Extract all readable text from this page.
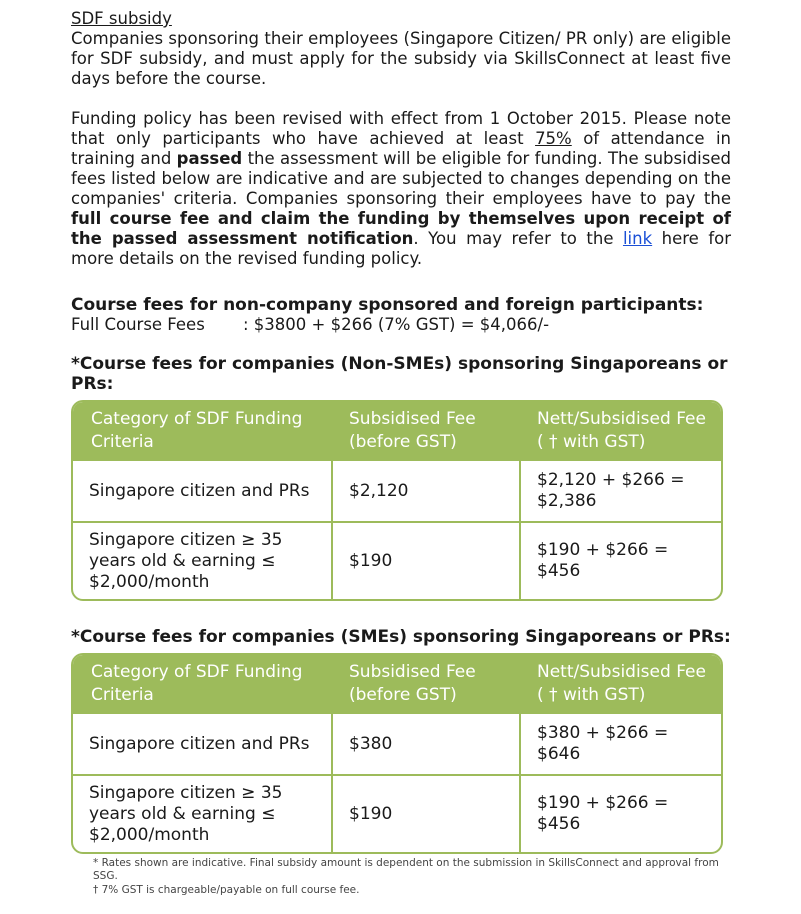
SDF subsidy

Companies sponsoring their employees (Singapore Citizen/ PR only) are eligible for SDF subsidy, and must apply for the subsidy via SkillsConnect at least five days before the course.

Funding policy has been revised with effect from 1 October 2015. Please note that only participants who have achieved at least 75% of attendance in training and passed the assessment will be eligible for funding. The subsidised fees listed below are indicative and are subjected to changes depending on the companies' criteria. Companies sponsoring their employees have to pay the full course fee and claim the funding by themselves upon receipt of the passed assessment notification. You may refer to the link here for more details on the revised funding policy.

Course fees for non-company sponsored and foreign participants:

Full Course Fees : $3800 + $266 (7% GST) = $4,066/-

*Course fees for companies (Non-SMEs) sponsoring Singaporeans or PRs:

Category of SDF Funding Criteria	Subsidised Fee (before GST)	Nett/Subsidised Fee ( † with GST)
Singapore citizen and PRs	$2,120	$2,120 + $266 = $2,386
Singapore citizen ≥ 35 years old & earning ≤ $2,000/month	$190	$190 + $266 = $456

*Course fees for companies (SMEs) sponsoring Singaporeans or PRs:

Category of SDF Funding Criteria	Subsidised Fee (before GST)	Nett/Subsidised Fee ( † with GST)
Singapore citizen and PRs	$380	$380 + $266 = $646
Singapore citizen ≥ 35 years old & earning ≤ $2,000/month	$190	$190 + $266 = $456

* Rates shown are indicative. Final subsidy amount is dependent on the submission in SkillsConnect and approval from SSG.

† 7% GST is chargeable/payable on full course fee.
